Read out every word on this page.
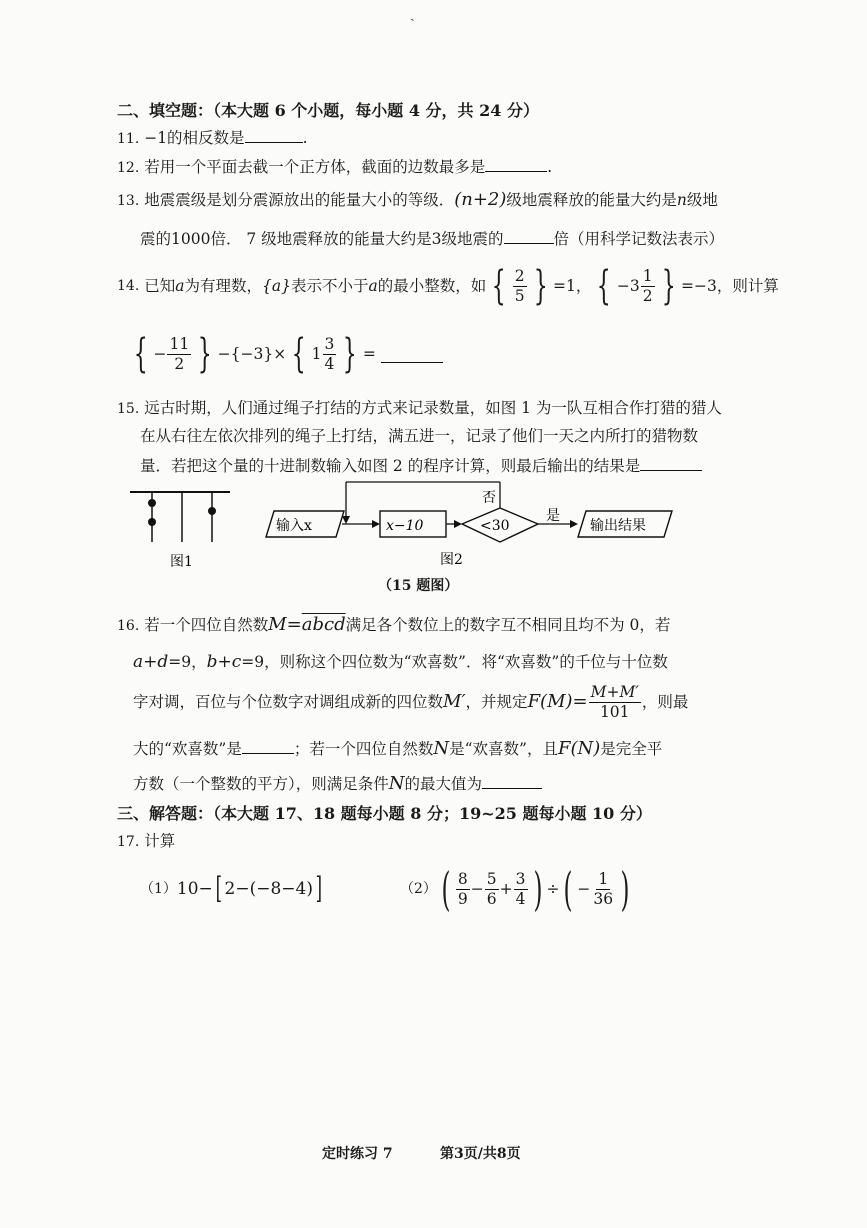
ˎ
二、填空题：（本大题 6 个小题，每小题 4 分，共 24 分）
11. −1的相反数是	.
12. 若用一个平面去截一个正方体，截面的边数最多是	.
13. 地震震级是划分震源放出的能量大小的等级．(n+2)级地震释放的能量大约是n级地
震的1000倍． 7 级地震释放的能量大约是3级地震的	倍（用科学记数法表示）
14.
已知 a 为有理数， {a} 表示不小于 a 的最小整数，如 { $\frac{2}{5}$ } =1， { $-3 \frac{1}{2}$ } =−3，则计算
{ − $\frac{11}{2}$ } −{−3}× { $1 \frac{3}{4}$ } =

15. 远古时期，人们通过绳子打结的方式来记录数量，如图 1 为一队互相合作打猎的猎人
在从右往左依次排列的绳子上打结，满五进一，记录了他们一天之内所打的猎物数
量．若把这个量的十进制数输入如图 2 的程序计算，则最后输出的结果是
图1
输入x	x−10	<30
否
是
输出结果
图2
（15 题图）
16. 若一个四位自然数M=abcd满足各个数位上的数字互不相同且均不为 0，若
a+d=9，b+c=9，则称这个四位数为“欢喜数”．将“欢喜数”的千位与十位数
字对调，百位与个位数字对调组成新的四位数 M′ ，并规定 $F(M)= \frac{M+M'}{101}$ ，则最
大的“欢喜数”是	；若一个四位自然数N是“欢喜数”，且F(N)是完全平
方数（一个整数的平方），则满足条件N的最大值为
三、解答题：（本大题 17、18 题每小题 8 分；19~25 题每小题 10 分）
17. 计算
（1） 10− [ 2−(−8−4) ]	（2） ( $\frac{8}{9} - \frac{5}{6} + \frac{3}{4}$ ) ÷ ( − $\frac{1}{36}$ )
定时练习 7	第3页/共8页
